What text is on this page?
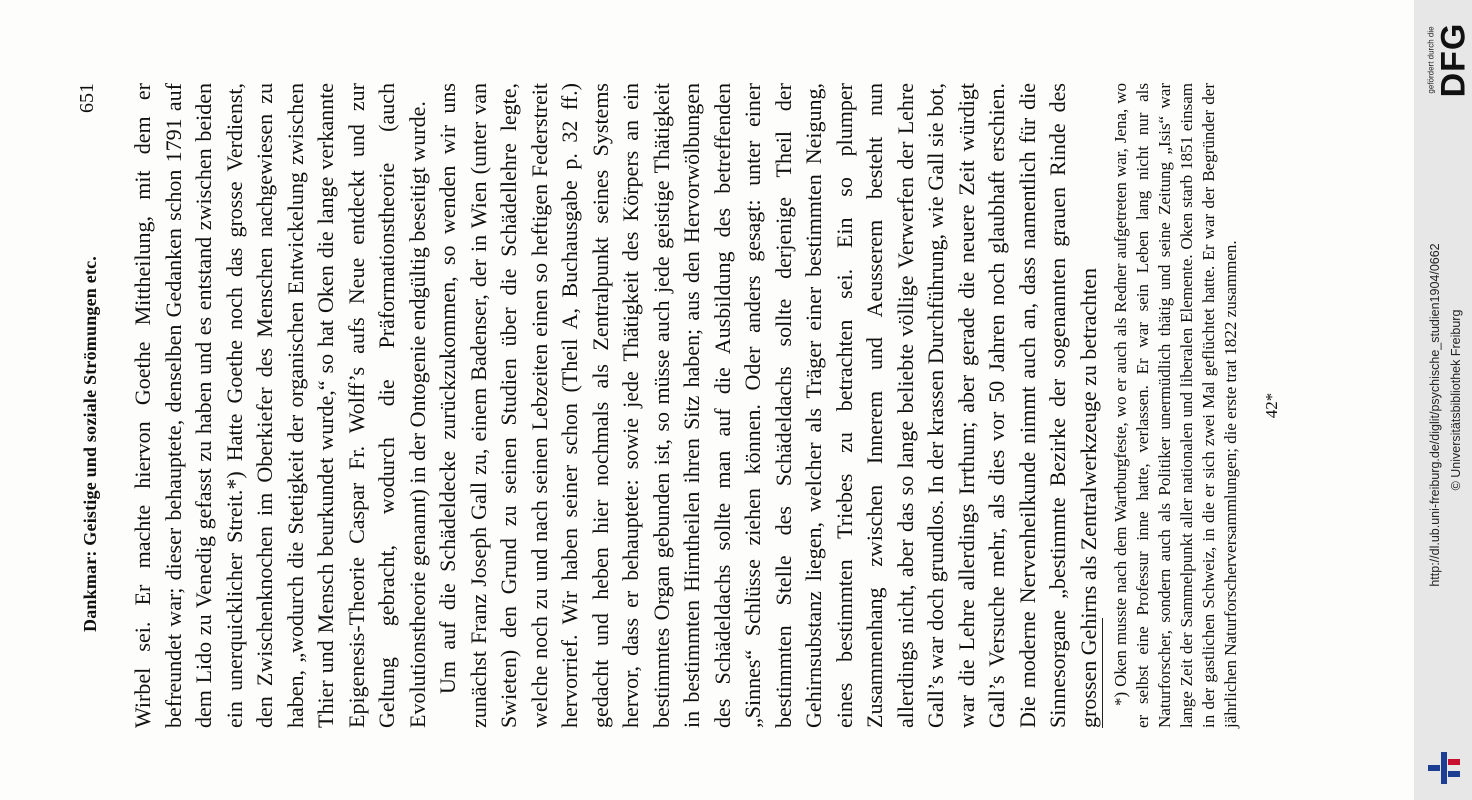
Dankmar: Geistige und soziale Strömungen etc.
651 Wirbel sei. Er machte hiervon Goethe Mittheilung, mit dem er befreundet war; dieser behauptete, denselben Gedanken schon 1791 auf dem Lido zu Venedig gefasst zu haben und es entstand zwischen beiden ein unerquicklicher Streit.*) Hatte Goethe noch das grosse Verdienst, den Zwischenknochen im Oberkiefer des Menschen nachgewiesen zu haben, „wodurch die Stetigkeit der organischen Entwickelung zwischen Thier und Mensch beurkundet wurde,“ so hat Oken die lange verkannte Epigenesis-Theorie Caspar Fr. Wolff’s aufs Neue entdeckt und zur Geltung gebracht, wodurch die Präformationstheorie (auch Evolutionstheorie genannt) in der Ontogenie endgültig beseitigt wurde. Um auf die Schädeldecke zurückzukommen, so wenden wir uns zunächst Franz Joseph Gall zu, einem Badenser, der in Wien (unter van Swieten) den Grund zu seinen Studien über die Schädellehre legte, welche noch zu und nach seinen Lebzeiten einen so heftigen Federstreit hervorrief. Wir haben seiner schon (Theil A, Buchausgabe p. 32 ff.) gedacht und heben hier nochmals als Zentralpunkt seines Systems hervor, dass er behauptete: sowie jede Thätigkeit des Körpers an ein bestimmtes Organ gebunden ist, so müsse auch jede geistige Thätigkeit in bestimmten Hirntheilen ihren Sitz haben; aus den Hervorwölbungen des Schädeldachs sollte man auf die Ausbildung des betreffenden „Sinnes“ Schlüsse ziehen können. Oder anders gesagt: unter einer bestimmten Stelle des Schädeldachs sollte derjenige Theil der Gehirnsubstanz liegen, welcher als Träger einer bestimmten Neigung, eines bestimmten Triebes zu betrachten sei. Ein so plumper Zusammenhang zwischen Innerem und Aeusserem besteht nun allerdings nicht, aber das so lange beliebte völlige Verwerfen der Lehre Gall’s war doch grundlos. In der krassen Durchführung, wie Gall sie bot, war die Lehre allerdings Irrthum; aber gerade die neuere Zeit würdigt Gall’s Versuche mehr, als dies vor 50 Jahren noch glaubhaft erschien. Die moderne Nervenheilkunde nimmt auch an, dass namentlich für die Sinnesorgane „bestimmte Bezirke der sogenannten grauen Rinde des grossen Gehirns als Zentralwerkzeuge zu betrachten *) Oken musste nach dem Wartburgfeste, wo er auch als Redner aufgetreten war, Jena, wo er selbst eine Professur inne hatte, verlassen. Er war sein Leben lang nicht nur als Naturforscher, sondern auch als Politiker unermüdlich thätig und seine Zeitung „Isis“ war lange Zeit der Sammelpunkt aller nationalen und liberalen Elemente. Oken starb 1851 einsam in der gastlichen Schweiz, in die er sich zwei Mal geflüchtet hatte. Er war der Begründer der jährlichen Naturforscherversammlungen; die erste trat 1822 zusammen. 42*
gefördert durch die DFG
http://dl.ub.uni-freiburg.de/diglit/psychische_studien1904/0662 © Universitätsbibliothek Freiburg
